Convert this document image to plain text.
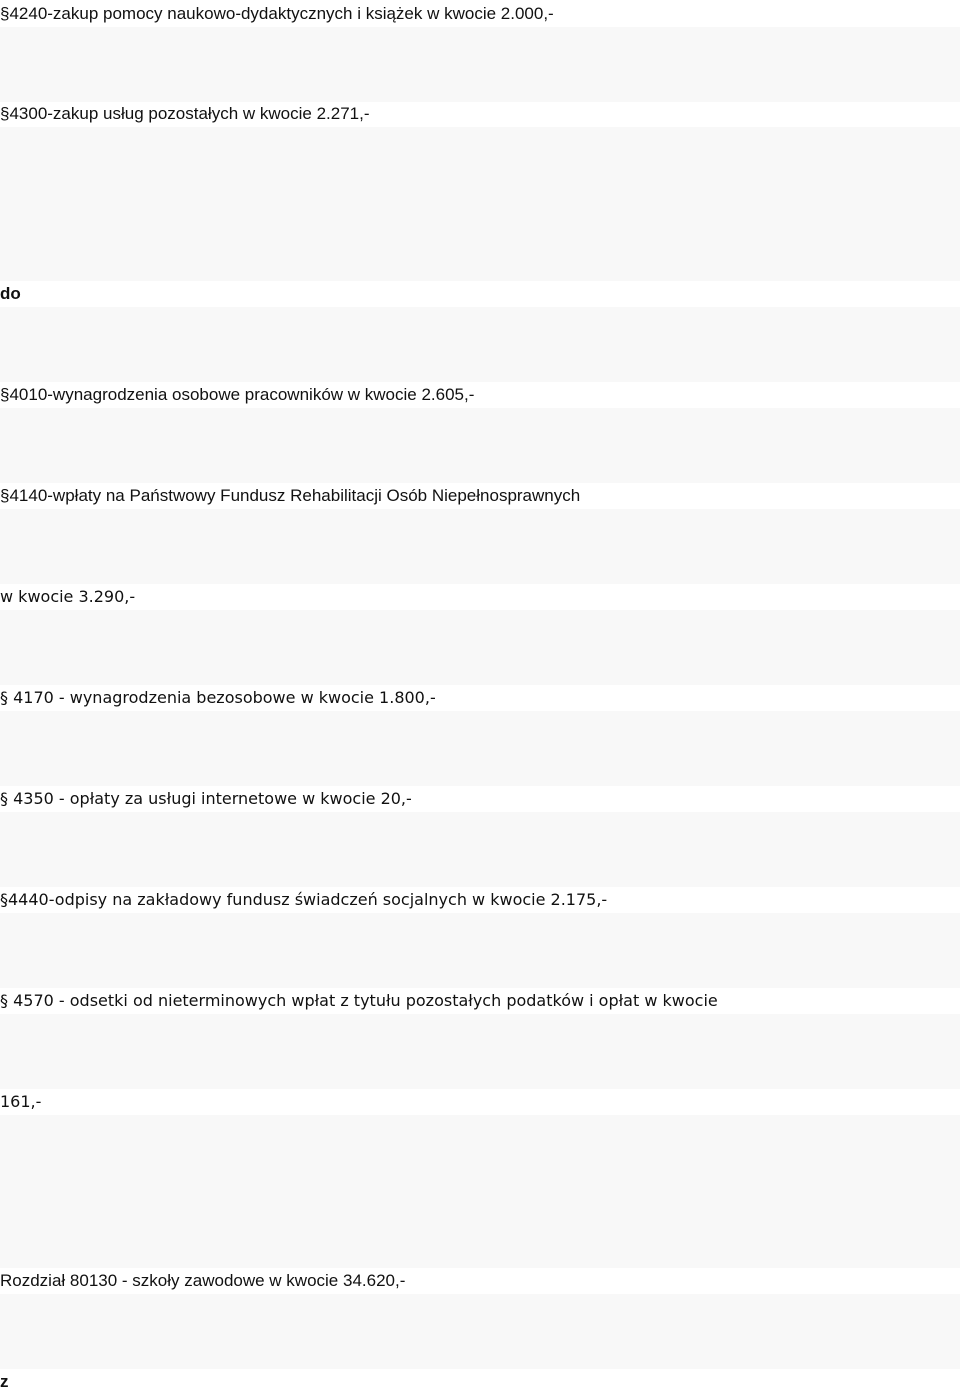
§4240-zakup pomocy naukowo-dydaktycznych i książek w kwocie 2.000,-
§4300-zakup usług pozostałych w kwocie 2.271,-
do
§4010-wynagrodzenia osobowe pracowników w kwocie 2.605,-
§4140-wpłaty na Państwowy Fundusz Rehabilitacji Osób Niepełnosprawnych
w kwocie 3.290,-
§ 4170 - wynagrodzenia bezosobowe w kwocie 1.800,-
§ 4350 - opłaty za usługi internetowe w kwocie 20,-
§4440-odpisy na zakładowy fundusz świadczeń socjalnych w kwocie 2.175,-
§ 4570 - odsetki od nieterminowych wpłat z tytułu pozostałych podatków i opłat w kwocie
161,-
Rozdział 80130 - szkoły zawodowe w kwocie 34.620,-
z
